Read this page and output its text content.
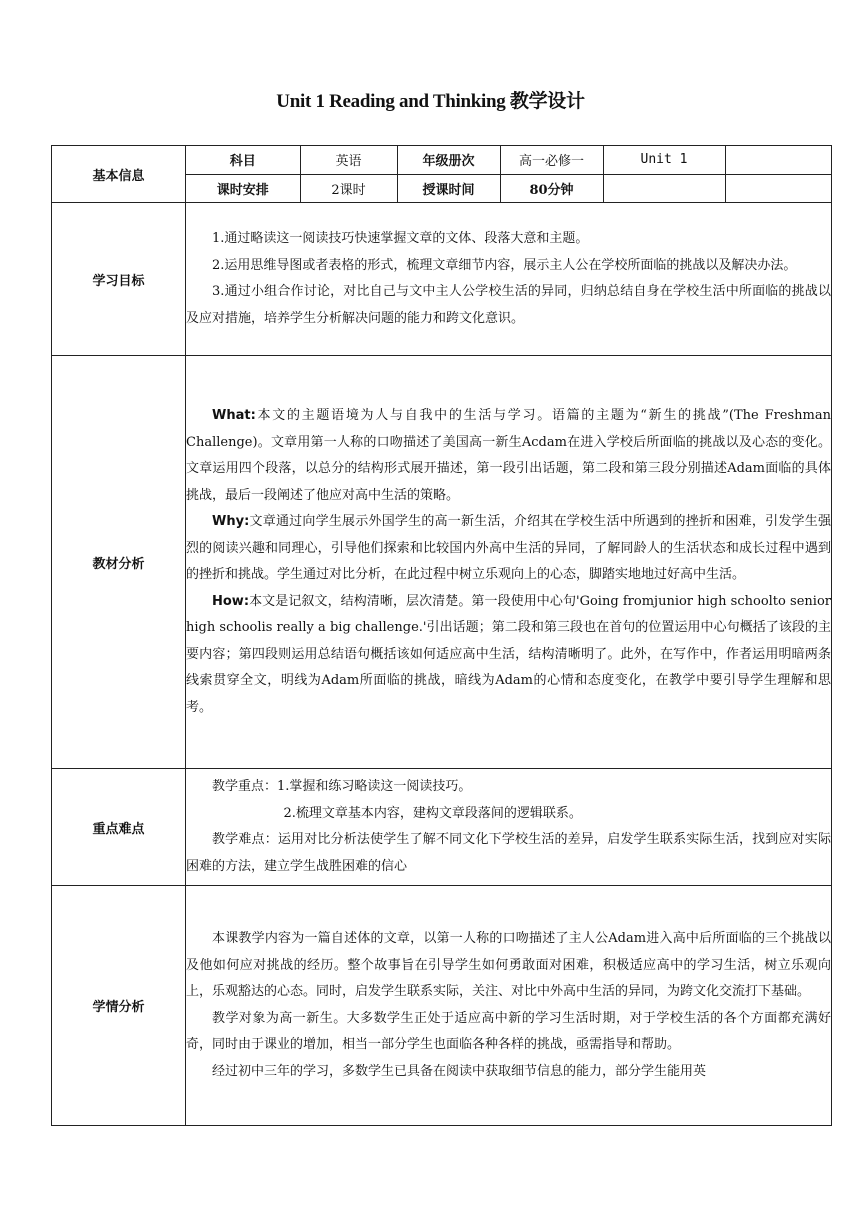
Unit 1 Reading and Thinking 教学设计
基本信息	
科目	英语	年级册次	高一必修一	Unit 1	
课时安排	2课时	授课时间	80分钟		

学习目标	

1.通过略读这一阅读技巧快速掌握文章的文体、段落大意和主题。

2.运用思维导图或者表格的形式，梳理文章细节内容，展示主人公在学校所面临的挑战以及解决办法。

3.通过小组合作讨论，对比自己与文中主人公学校生活的异同，归纳总结自身在学校生活中所面临的挑战以及应对措施，培养学生分析解决问题的能力和跨文化意识。

教材分析	

What:本文的主题语境为人与自我中的生活与学习。语篇的主题为“新生的挑战”(The Freshman Challenge)。文章用第一人称的口吻描述了美国高一新生Acdam在进入学校后所面临的挑战以及心态的变化。文章运用四个段落，以总分的结构形式展开描述，第一段引出话题，第二段和第三段分别描述Adam面临的具体挑战，最后一段阐述了他应对高中生活的策略。

Why:文章通过向学生展示外国学生的高一新生活，介绍其在学校生活中所遇到的挫折和困难，引发学生强烈的阅读兴趣和同理心，引导他们探索和比较国内外高中生活的异同，了解同龄人的生活状态和成长过程中遇到的挫折和挑战。学生通过对比分析，在此过程中树立乐观向上的心态，脚踏实地地过好高中生活。

How:本文是记叙文，结构清晰，层次清楚。第一段使用中心句'Going fromjunior high schoolto senior high schoolis really a big challenge.'引出话题；第二段和第三段也在首句的位置运用中心句概括了该段的主要内容；第四段则运用总结语句概括该如何适应高中生活，结构清晰明了。此外，在写作中，作者运用明暗两条线索贯穿全文，明线为Adam所面临的挑战，暗线为Adam的心情和态度变化，在教学中要引导学生理解和思考。

重点难点	

教学重点：1.掌握和练习略读这一阅读技巧。

2.梳理文章基本内容，建构文章段落间的逻辑联系。

教学难点：运用对比分析法使学生了解不同文化下学校生活的差异，启发学生联系实际生活，找到应对实际困难的方法，建立学生战胜困难的信心

学情分析	

本课教学内容为一篇自述体的文章，以第一人称的口吻描述了主人公Adam进入高中后所面临的三个挑战以及他如何应对挑战的经历。整个故事旨在引导学生如何勇敢面对困难，积极适应高中的学习生活，树立乐观向上，乐观豁达的心态。同时，启发学生联系实际，关注、对比中外高中生活的异同，为跨文化交流打下基础。

教学对象为高一新生。大多数学生正处于适应高中新的学习生活时期，对于学校生活的各个方面都充满好奇，同时由于课业的增加，相当一部分学生也面临各种各样的挑战，亟需指导和帮助。

经过初中三年的学习，多数学生已具备在阅读中获取细节信息的能力，部分学生能用英
